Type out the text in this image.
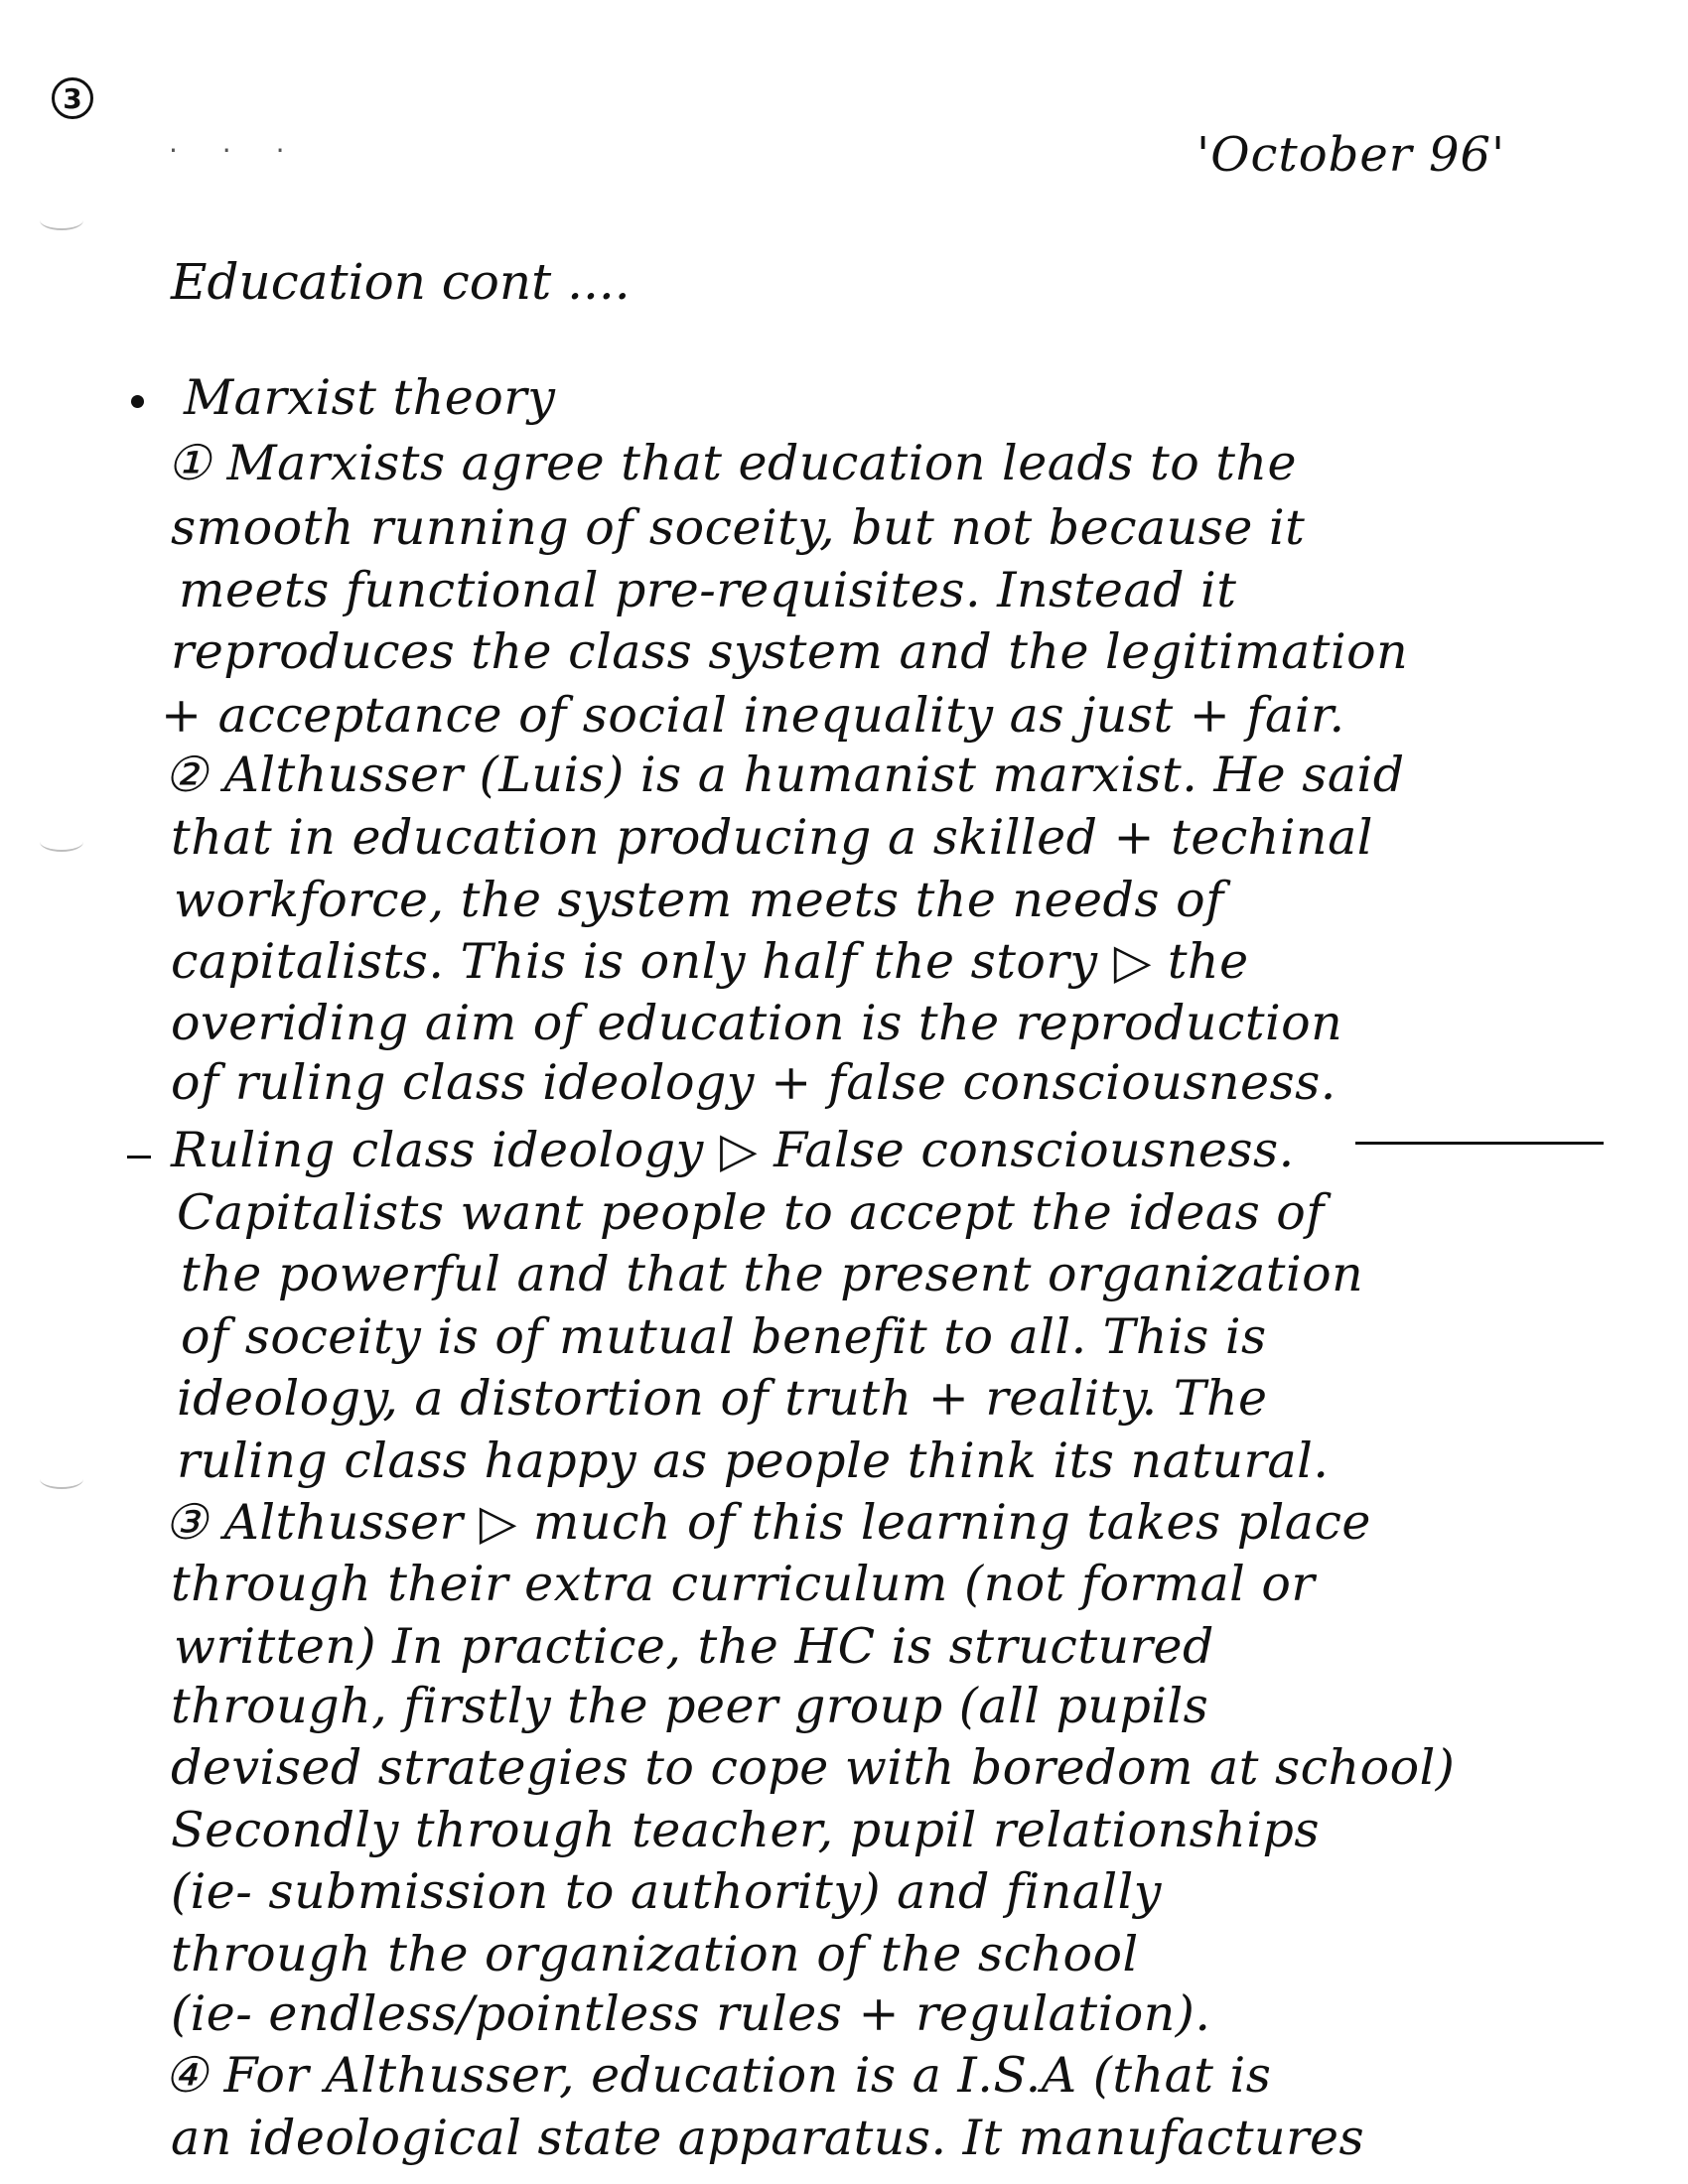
3
· · ·	'October 96'
Education cont ....
Marxist theory
① Marxists agree that education leads to the
smooth running of soceity, but not because it
meets functional pre-requisites. Instead it
reproduces the class system and the legitimation
+ acceptance of social inequality as just + fair.
② Althusser (Luis) is a humanist marxist. He said
that in education producing a skilled + techinal
workforce, the system meets the needs of
capitalists. This is only half the story ▷ the
overiding aim of education is the reproduction
of ruling class ideology + false consciousness.
Ruling class ideology ▷ False consciousness.
Capitalists want people to accept the ideas of
the powerful and that the present organization
of soceity is of mutual benefit to all. This is
ideology, a distortion of truth + reality. The
ruling class happy as people think its natural.
③ Althusser ▷ much of this learning takes place
through their extra curriculum (not formal or
written) In practice, the HC is structured
through, firstly the peer group (all pupils
devised strategies to cope with boredom at school)
Secondly through teacher, pupil relationships
(ie- submission to authority) and finally
through the organization of the school
(ie- endless/pointless rules + regulation).
④ For Althusser, education is a I.S.A (that is
an ideological state apparatus. It manufactures
